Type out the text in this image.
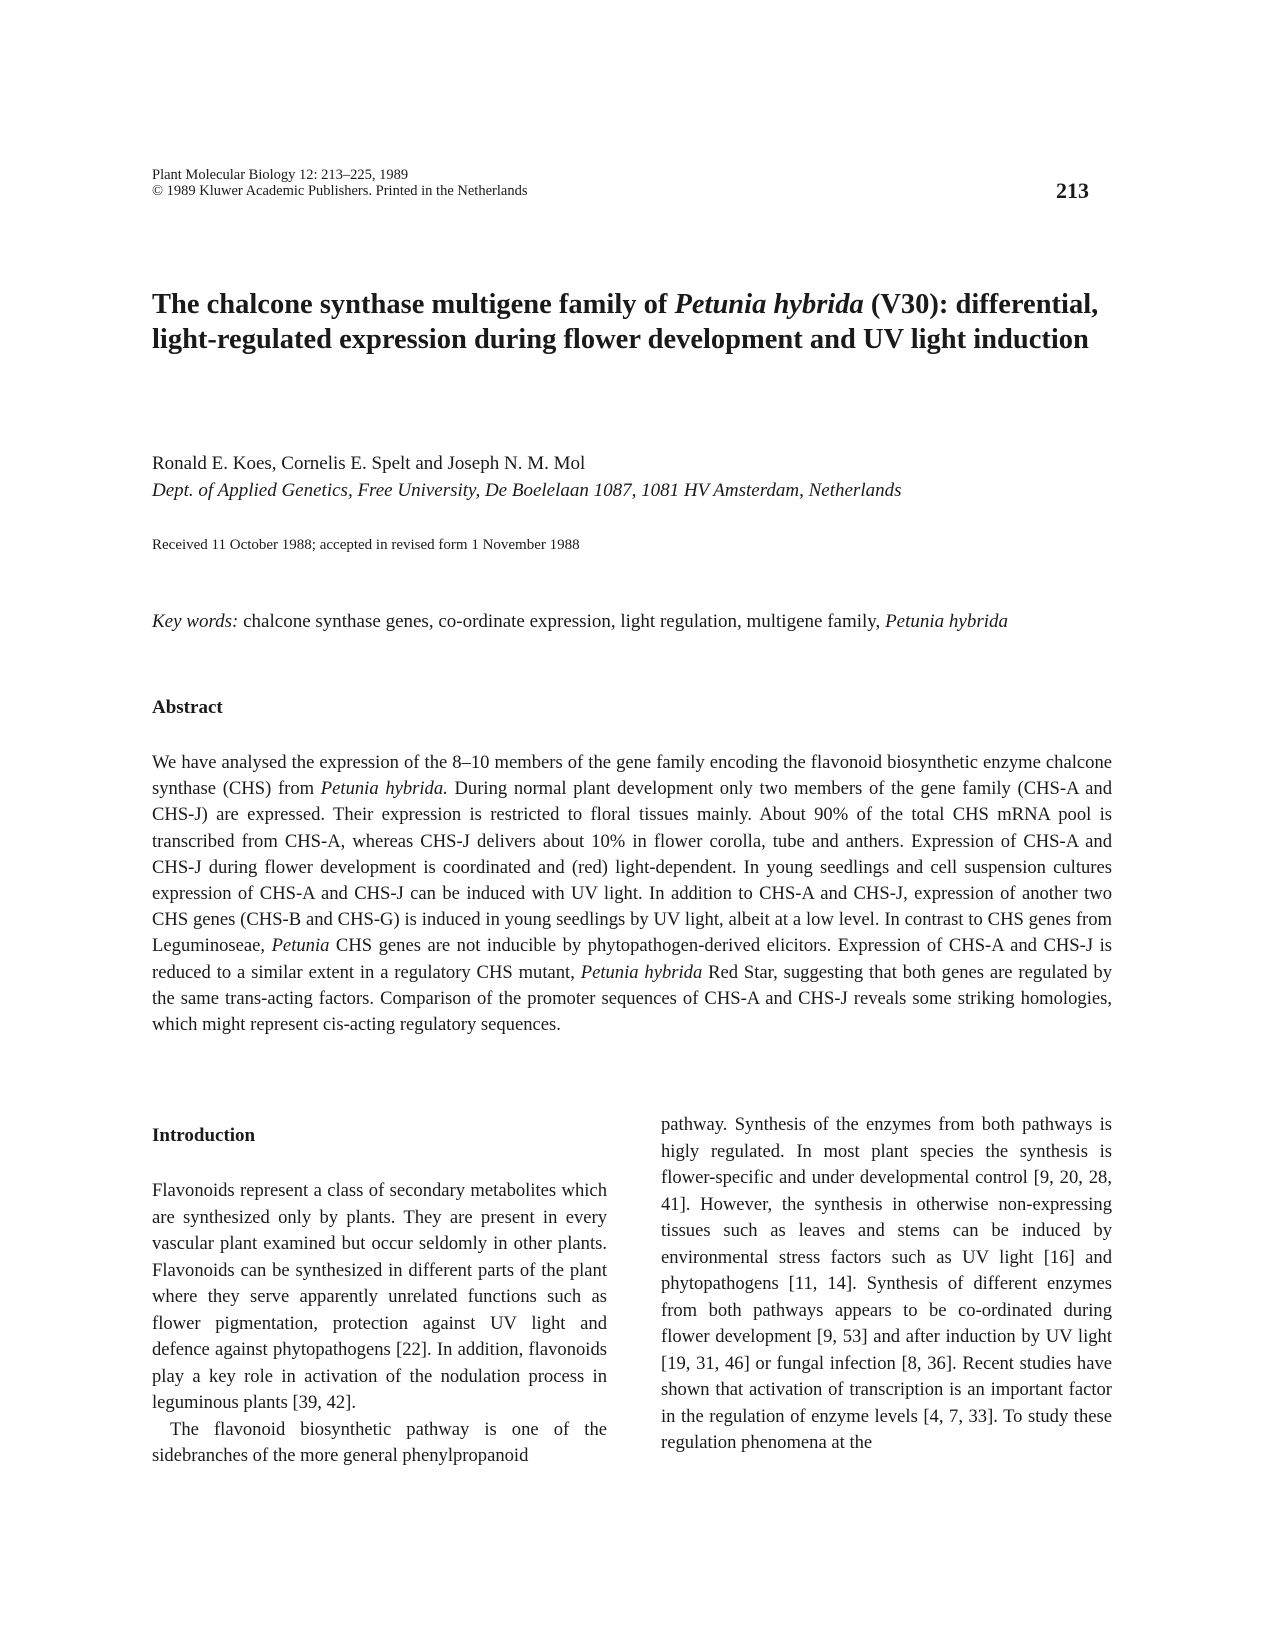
Plant Molecular Biology 12: 213–225, 1989
© 1989 Kluwer Academic Publishers. Printed in the Netherlands	213
The chalcone synthase multigene family of Petunia hybrida (V30): differential, light-regulated expression during flower development and UV light induction
Ronald E. Koes, Cornelis E. Spelt and Joseph N. M. Mol
Dept. of Applied Genetics, Free University, De Boelelaan 1087, 1081 HV Amsterdam, Netherlands
Received 11 October 1988; accepted in revised form 1 November 1988
Key words: chalcone synthase genes, co-ordinate expression, light regulation, multigene family, Petunia hybrida
Abstract
We have analysed the expression of the 8–10 members of the gene family encoding the flavonoid biosynthetic enzyme chalcone synthase (CHS) from Petunia hybrida. During normal plant development only two members of the gene family (CHS-A and CHS-J) are expressed. Their expression is restricted to floral tissues mainly. About 90% of the total CHS mRNA pool is transcribed from CHS-A, whereas CHS-J delivers about 10% in flower corolla, tube and anthers. Expression of CHS-A and CHS-J during flower development is coordinated and (red) light-dependent. In young seedlings and cell suspension cultures expression of CHS-A and CHS-J can be induced with UV light. In addition to CHS-A and CHS-J, expression of another two CHS genes (CHS-B and CHS-G) is induced in young seedlings by UV light, albeit at a low level. In contrast to CHS genes from Leguminoseae, Petunia CHS genes are not inducible by phytopathogen-derived elicitors. Expression of CHS-A and CHS-J is reduced to a similar extent in a regulatory CHS mutant, Petunia hybrida Red Star, suggesting that both genes are regulated by the same trans-acting factors. Comparison of the promoter sequences of CHS-A and CHS-J reveals some striking homologies, which might represent cis-acting regulatory sequences.
Introduction

Flavonoids represent a class of secondary metabolites which are synthesized only by plants. They are present in every vascular plant examined but occur seldomly in other plants. Flavonoids can be synthesized in different parts of the plant where they serve apparently unrelated functions such as flower pigmentation, protection against UV light and defence against phytopathogens [22]. In addition, flavonoids play a key role in activation of the nodulation process in leguminous plants [39, 42].

The flavonoid biosynthetic pathway is one of the sidebranches of the more general phenylpropanoid

pathway. Synthesis of the enzymes from both pathways is higly regulated. In most plant species the synthesis is flower-specific and under developmental control [9, 20, 28, 41]. However, the synthesis in otherwise non-expressing tissues such as leaves and stems can be induced by environmental stress factors such as UV light [16] and phytopathogens [11, 14]. Synthesis of different enzymes from both pathways appears to be co-ordinated during flower development [9, 53] and after induction by UV light [19, 31, 46] or fungal infection [8, 36]. Recent studies have shown that activation of transcription is an important factor in the regulation of enzyme levels [4, 7, 33]. To study these regulation phenomena at the
